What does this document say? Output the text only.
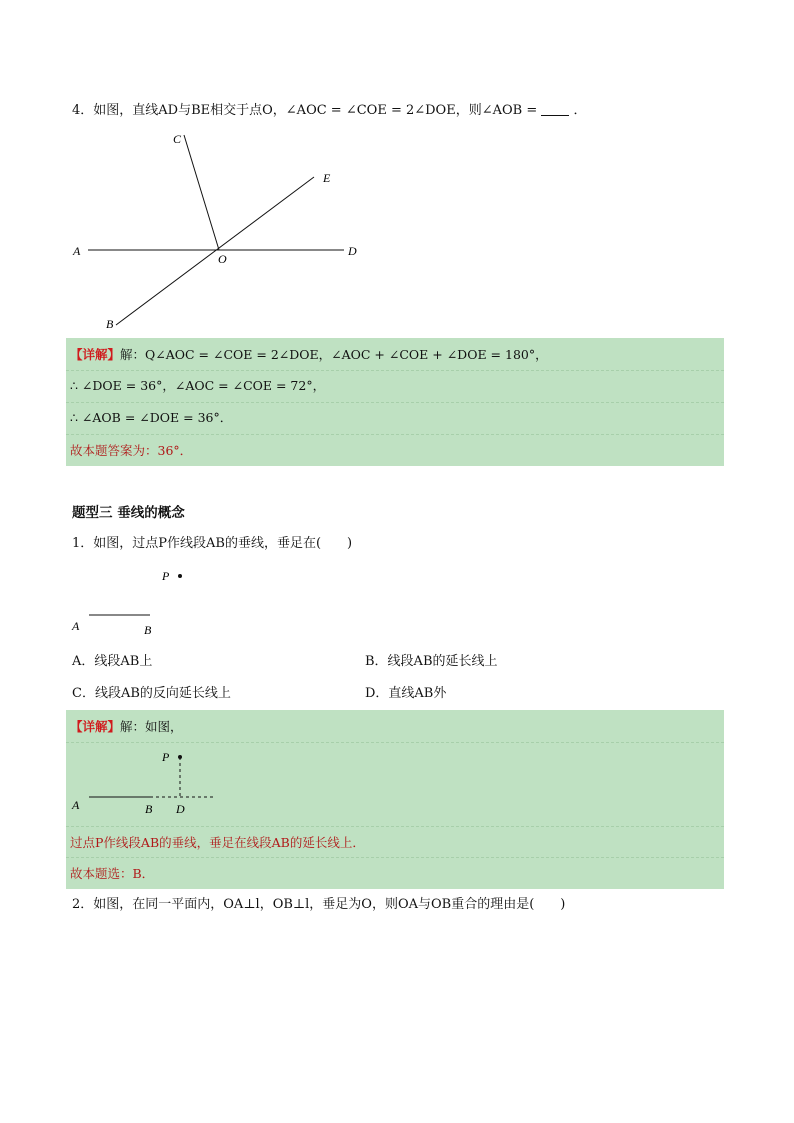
4．如图，直线AD与BE相交于点O，∠AOC = ∠COE = 2∠DOE，则∠AOB =	．
C
E
A
O
D
B
【详解】解：Q∠AOC = ∠COE = 2∠DOE，∠AOC + ∠COE + ∠DOE = 180°，
∴ ∠DOE = 36°，∠AOC = ∠COE = 72°，
∴ ∠AOB = ∠DOE = 36°．
故本题答案为：36°．
题型三 垂线的概念
1．如图，过点P作线段AB的垂线，垂足在(　　)
P
A	B
A．线段AB上	B．线段AB的延长线上
C．线段AB的反向延长线上	D．直线AB外
【详解】解：如图，
P
A	B D
过点P作线段AB的垂线，垂足在线段AB的延长线上．
故本题选：B．
2．如图，在同一平面内，OA⊥l，OB⊥l，垂足为O，则OA与OB重合的理由是(　　)
